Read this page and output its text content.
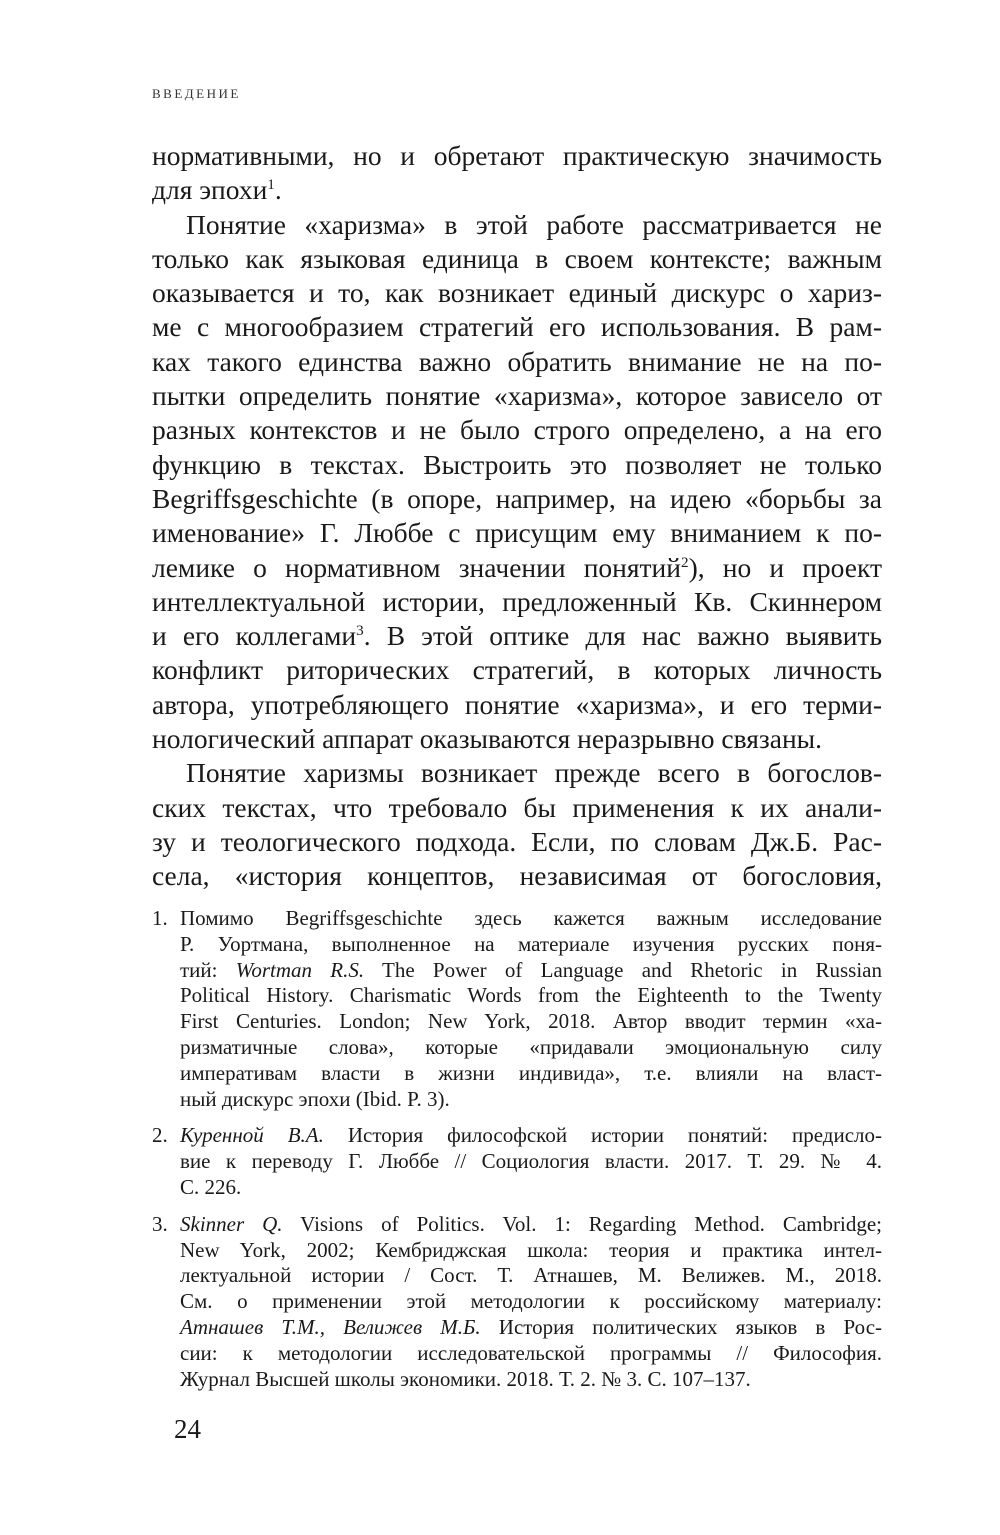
ВВЕДЕНИЕ
нормативными, но и обретают практическую значимость
для эпохи$^1$.
Понятие «харизма» в этой работе рассматривается не
только как языковая единица в своем контексте; важным
оказывается и то, как возникает единый дискурс о хариз-
ме с многообразием стратегий его использования. В рам-
ках такого единства важно обратить внимание не на по-
пытки определить понятие «харизма», которое зависело от
разных контекстов и не было строго определено, а на его
функцию в текстах. Выстроить это позволяет не только
Begriffsgeschichte (в опоре, например, на идею «борьбы за
именование» Г. Люббе с присущим ему вниманием к по-
лемике о нормативном значении понятий$^2$), но и проект
интеллектуальной истории, предложенный Кв. Скиннером
и его коллегами$^3$. В этой оптике для нас важно выявить
конфликт риторических стратегий, в которых личность
автора, употребляющего понятие «харизма», и его терми-
нологический аппарат оказываются неразрывно связаны.
Понятие харизмы возникает прежде всего в богослов-
ских текстах, что требовало бы применения к их анали-
зу и теологического подхода. Если, по словам Дж.Б. Рас-
села, «история концептов, независимая от богословия,
1. Помимо Begriffsgeschichte здесь кажется важным исследование
Р. Уортмана, выполненное на материале изучения русских поня-
тий: Wortman R.S. The Power of Language and Rhetoric in Russian
Political History. Charismatic Words from the Eighteenth to the Twenty
First Centuries. London; New York, 2018. Автор вводит термин «ха-
ризматичные слова», которые «придавали эмоциональную силу
императивам власти в жизни индивида», т.е. влияли на власт-
ный дискурс эпохи (Ibid. P. 3).
2. Куренной В.А. История философской истории понятий: предисло-
вие к переводу Г. Люббе // Социология власти. 2017. Т. 29. № 4.
С. 226.
3. Skinner Q. Visions of Politics. Vol. 1: Regarding Method. Cambridge;
New York, 2002; Кембриджская школа: теория и практика интел-
лектуальной истории / Сост. Т. Атнашев, М. Велижев. М., 2018.
См. о применении этой методологии к российскому материалу:
Атнашев Т.М., Велижев М.Б. История политических языков в Рос-
сии: к методологии исследовательской программы // Философия.
Журнал Высшей школы экономики. 2018. Т. 2. № 3. С. 107–137.
24
